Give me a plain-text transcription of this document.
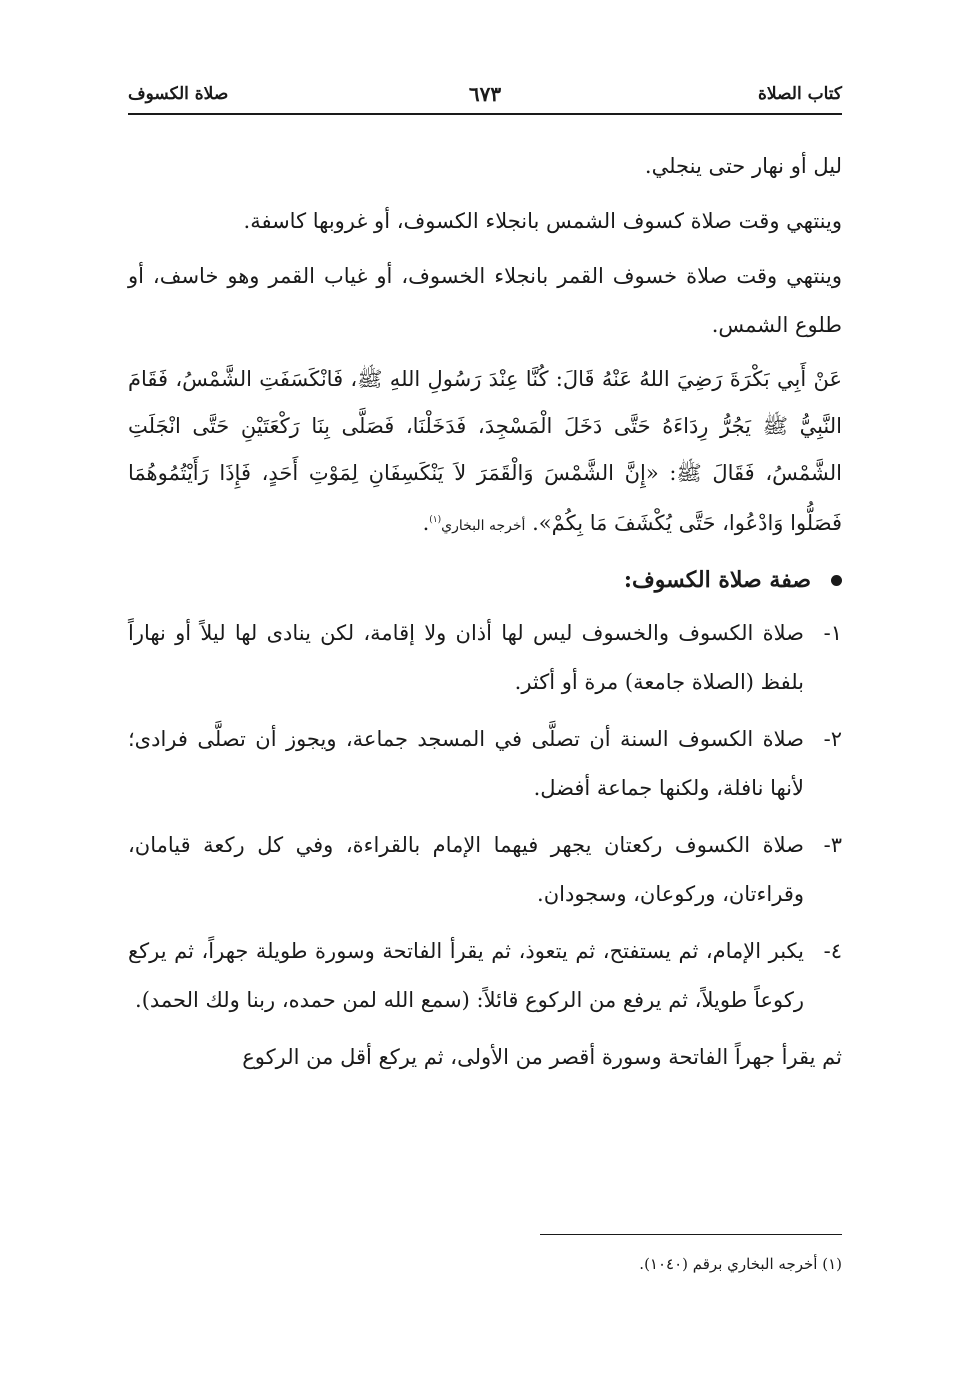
كتاب الصلاة
٦٧٣
صلاة الكسوف

ليل أو نهار حتى ينجلي.

وينتهي وقت صلاة كسوف الشمس بانجلاء الكسوف، أو غروبها كاسفة.

وينتهي وقت صلاة خسوف القمر بانجلاء الخسوف، أو غياب القمر وهو خاسف، أو طلوع الشمس.

عَنْ أَبِي بَكْرَةَ رَضِيَ اللهُ عَنْهُ قَالَ: كُنَّا عِنْدَ رَسُولِ اللهِ ﷺ، فَانْكَسَفَتِ الشَّمْسُ، فَقَامَ النَّبِيُّ ﷺ يَجُرُّ رِدَاءَهُ حَتَّى دَخَلَ الْمَسْجِدَ، فَدَخَلْنَا، فَصَلَّى بِنَا رَكْعَتَيْنِ حَتَّى انْجَلَتِ الشَّمْسُ، فَقَالَ ﷺ: «إِنَّ الشَّمْسَ وَالْقَمَرَ لاَ يَنْكَسِفَانِ لِمَوْتِ أَحَدٍ، فَإِذَا رَأَيْتُمُوهُمَا فَصَلُّوا وَادْعُوا، حَتَّى يُكْشَفَ مَا بِكُمْ». أخرجه البخاري$^{(١)}$.

صفة صلاة الكسوف:
١-
صلاة الكسوف والخسوف ليس لها أذان ولا إقامة، لكن ينادى لها ليلاً أو نهاراً بلفظ (الصلاة جامعة) مرة أو أكثر.
٢-
صلاة الكسوف السنة أن تصلَّى في المسجد جماعة، ويجوز أن تصلَّى فرادى؛ لأنها نافلة، ولكنها جماعة أفضل.
٣-
صلاة الكسوف ركعتان يجهر فيهما الإمام بالقراءة، وفي كل ركعة قيامان، وقراءتان، وركوعان، وسجودان.
٤-
يكبر الإمام، ثم يستفتح، ثم يتعوذ، ثم يقرأ الفاتحة وسورة طويلة جهراً، ثم يركع ركوعاً طويلاً، ثم يرفع من الركوع قائلاً: (سمع الله لمن حمده، ربنا ولك الحمد).

ثم يقرأ جهراً الفاتحة وسورة أقصر من الأولى، ثم يركع أقل من الركوع

(١) أخرجه البخاري برقم (١٠٤٠).
